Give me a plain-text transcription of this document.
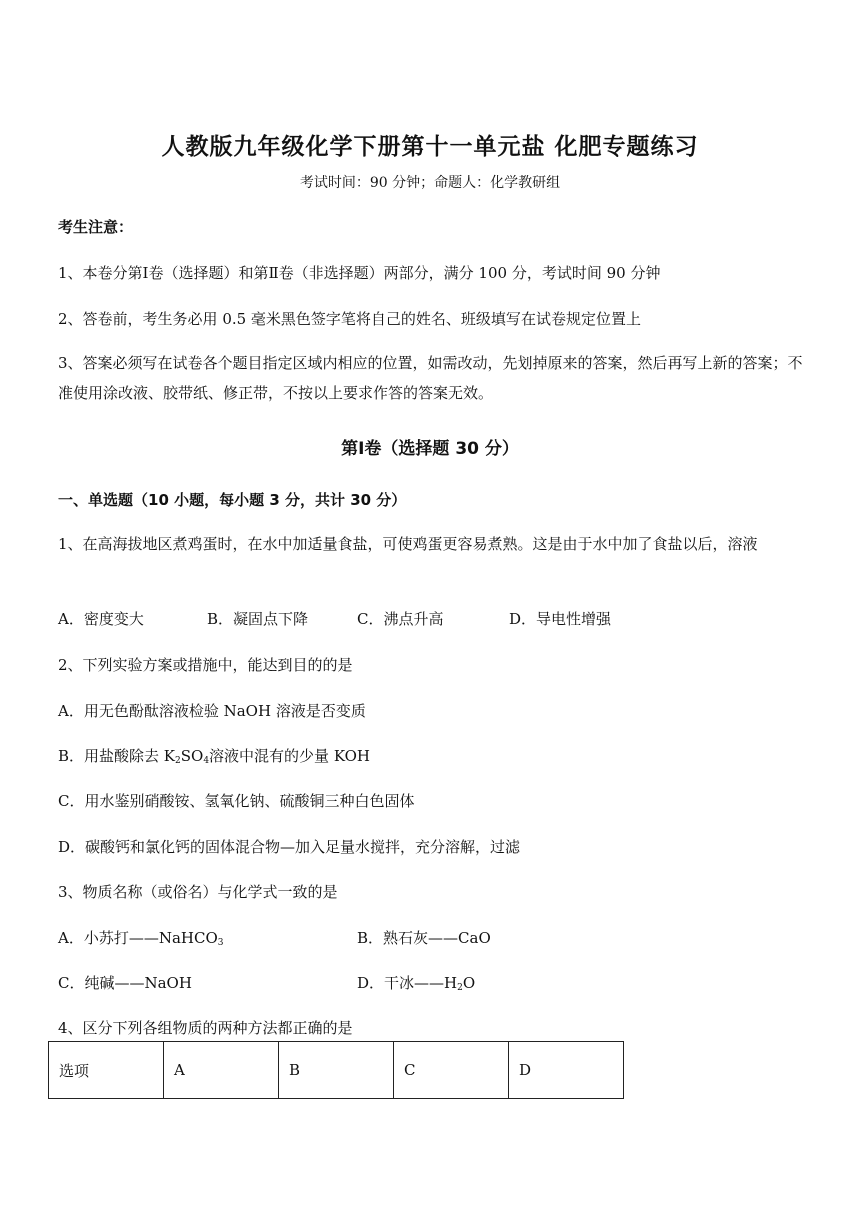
人教版九年级化学下册第十一单元盐 化肥专题练习
考试时间：90 分钟；命题人：化学教研组
考生注意：
1、本卷分第Ⅰ卷（选择题）和第Ⅱ卷（非选择题）两部分，满分 100 分，考试时间 90 分钟
2、答卷前，考生务必用 0.5 毫米黑色签字笔将自己的姓名、班级填写在试卷规定位置上
3、答案必须写在试卷各个题目指定区域内相应的位置，如需改动，先划掉原来的答案，然后再写上新的答案；不准使用涂改液、胶带纸、修正带，不按以上要求作答的答案无效。
第Ⅰ卷（选择题 30 分）
一、单选题（10 小题，每小题 3 分，共计 30 分）
1、在高海拔地区煮鸡蛋时，在水中加适量食盐，可使鸡蛋更容易煮熟。这是由于水中加了食盐以后，溶液
A．密度变大	B．凝固点下降	C．沸点升高	D．导电性增强
2、下列实验方案或措施中，能达到目的的是
A．用无色酚酞溶液检验 NaOH 溶液是否变质
B．用盐酸除去 $K_2SO_4$溶液中混有的少量 KOH
C．用水鉴别硝酸铵、氢氧化钠、硫酸铜三种白色固体
D．碳酸钙和氯化钙的固体混合物—加入足量水搅拌，充分溶解，过滤
3、物质名称（或俗名）与化学式一致的是
A．小苏打——NaHCO$_3$	B．熟石灰——CaO
C．纯碱——NaOH	D．干冰$——H_2O$
4、区分下列各组物质的两种方法都正确的是
选项	A	B	C	D
